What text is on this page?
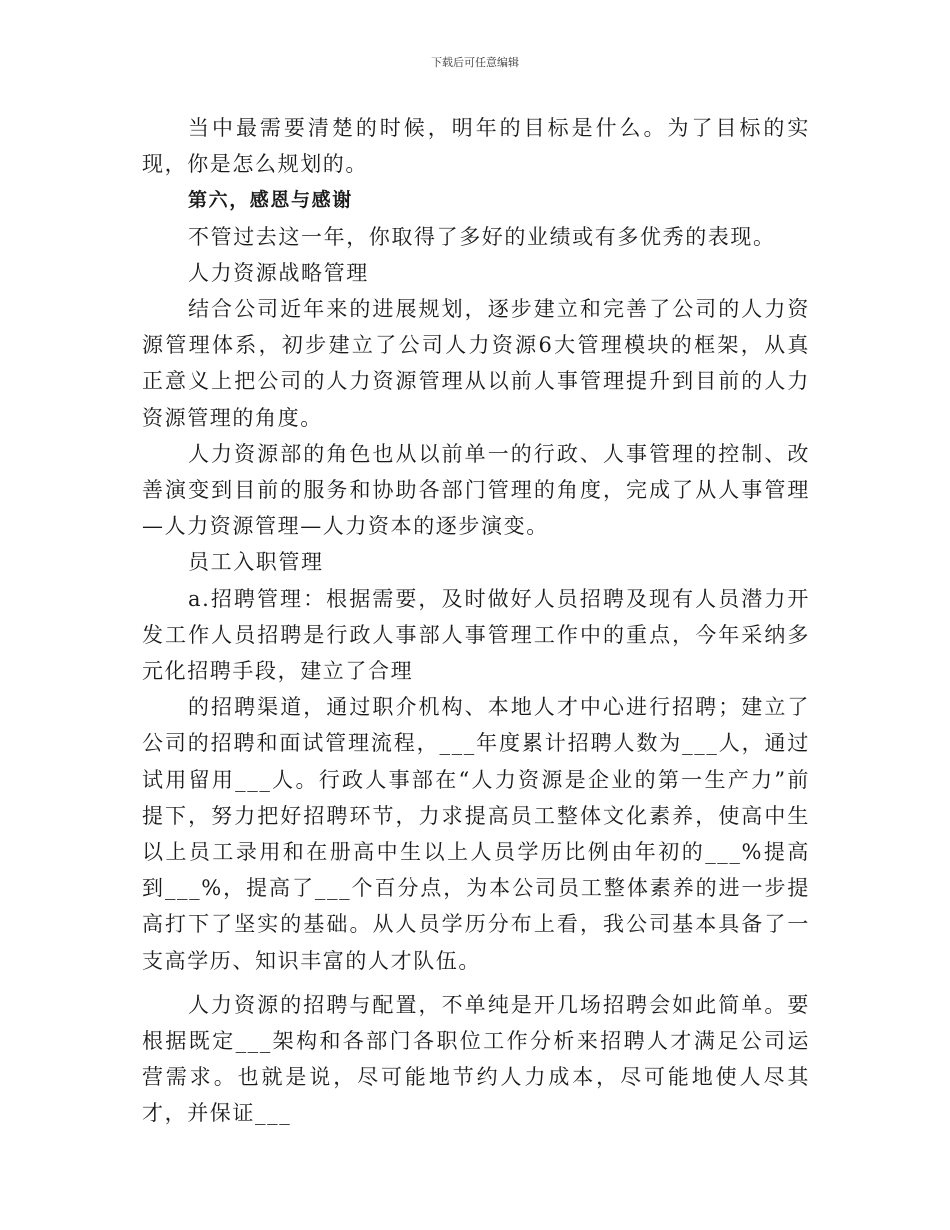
下载后可任意编辑

当中最需要清楚的时候，明年的目标是什么。为了目标的实现，你是怎么规划的。

第六，感恩与感谢

不管过去这一年，你取得了多好的业绩或有多优秀的表现。

人力资源战略管理

结合公司近年来的进展规划，逐步建立和完善了公司的人力资源管理体系，初步建立了公司人力资源6大管理模块的框架，从真正意义上把公司的人力资源管理从以前人事管理提升到目前的人力资源管理的角度。

人力资源部的角色也从以前单一的行政、人事管理的控制、改善演变到目前的服务和协助各部门管理的角度，完成了从人事管理—人力资源管理—人力资本的逐步演变。

员工入职管理

a.招聘管理：根据需要，及时做好人员招聘及现有人员潜力开发工作人员招聘是行政人事部人事管理工作中的重点，今年采纳多元化招聘手段，建立了合理

的招聘渠道，通过职介机构、本地人才中心进行招聘；建立了公司的招聘和面试管理流程，___年度累计招聘人数为___人，通过试用留用___人。行政人事部在“人力资源是企业的第一生产力”前提下，努力把好招聘环节，力求提高员工整体文化素养，使高中生以上员工录用和在册高中生以上人员学历比例由年初的___%提高到___%，提高了___个百分点，为本公司员工整体素养的进一步提高打下了坚实的基础。从人员学历分布上看，我公司基本具备了一支高学历、知识丰富的人才队伍。

人力资源的招聘与配置，不单纯是开几场招聘会如此简单。要根据既定___架构和各部门各职位工作分析来招聘人才满足公司运营需求。也就是说，尽可能地节约人力成本，尽可能地使人尽其才，并保证___
